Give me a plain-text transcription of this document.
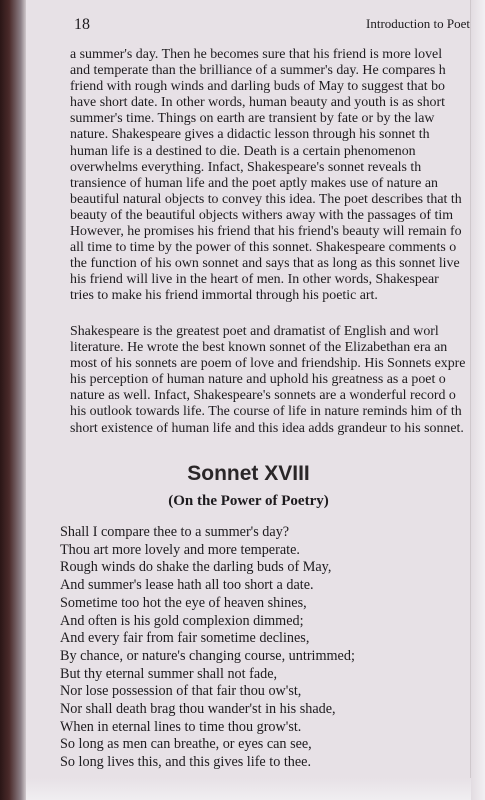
18	Introduction to Poet

a summer's day. Then he becomes sure that his friend is more lovel
and temperate than the brilliance of a summer's day. He compares h
friend with rough winds and darling buds of May to suggest that bo
have short date. In other words, human beauty and youth is as short
summer's time. Things on earth are transient by fate or by the law
nature. Shakespeare gives a didactic lesson through his sonnet th
human life is a destined to die. Death is a certain phenomenon
overwhelms everything. Infact, Shakespeare's sonnet reveals th
transience of human life and the poet aptly makes use of nature an
beautiful natural objects to convey this idea. The poet describes that th
beauty of the beautiful objects withers away with the passages of tim
However, he promises his friend that his friend's beauty will remain fo
all time to time by the power of this sonnet. Shakespeare comments o
the function of his own sonnet and says that as long as this sonnet live
his friend will live in the heart of men. In other words, Shakespear
tries to make his friend immortal through his poetic art.

Shakespeare is the greatest poet and dramatist of English and worl
literature. He wrote the best known sonnet of the Elizabethan era an
most of his sonnets are poem of love and friendship. His Sonnets expre
his perception of human nature and uphold his greatness as a poet o
nature as well. Infact, Shakespeare's sonnets are a wonderful record o
his outlook towards life. The course of life in nature reminds him of th
short existence of human life and this idea adds grandeur to his sonnet.

Sonnet XVIII
(On the Power of Poetry)

Shall I compare thee to a summer's day?
Thou art more lovely and more temperate.
Rough winds do shake the darling buds of May,
And summer's lease hath all too short a date.
Sometime too hot the eye of heaven shines,
And often is his gold complexion dimmed;
And every fair from fair sometime declines,
By chance, or nature's changing course, untrimmed;
But thy eternal summer shall not fade,
Nor lose possession of that fair thou ow'st,
Nor shall death brag thou wander'st in his shade,
When in eternal lines to time thou grow'st.
So long as men can breathe, or eyes can see,
So long lives this, and this gives life to thee.
